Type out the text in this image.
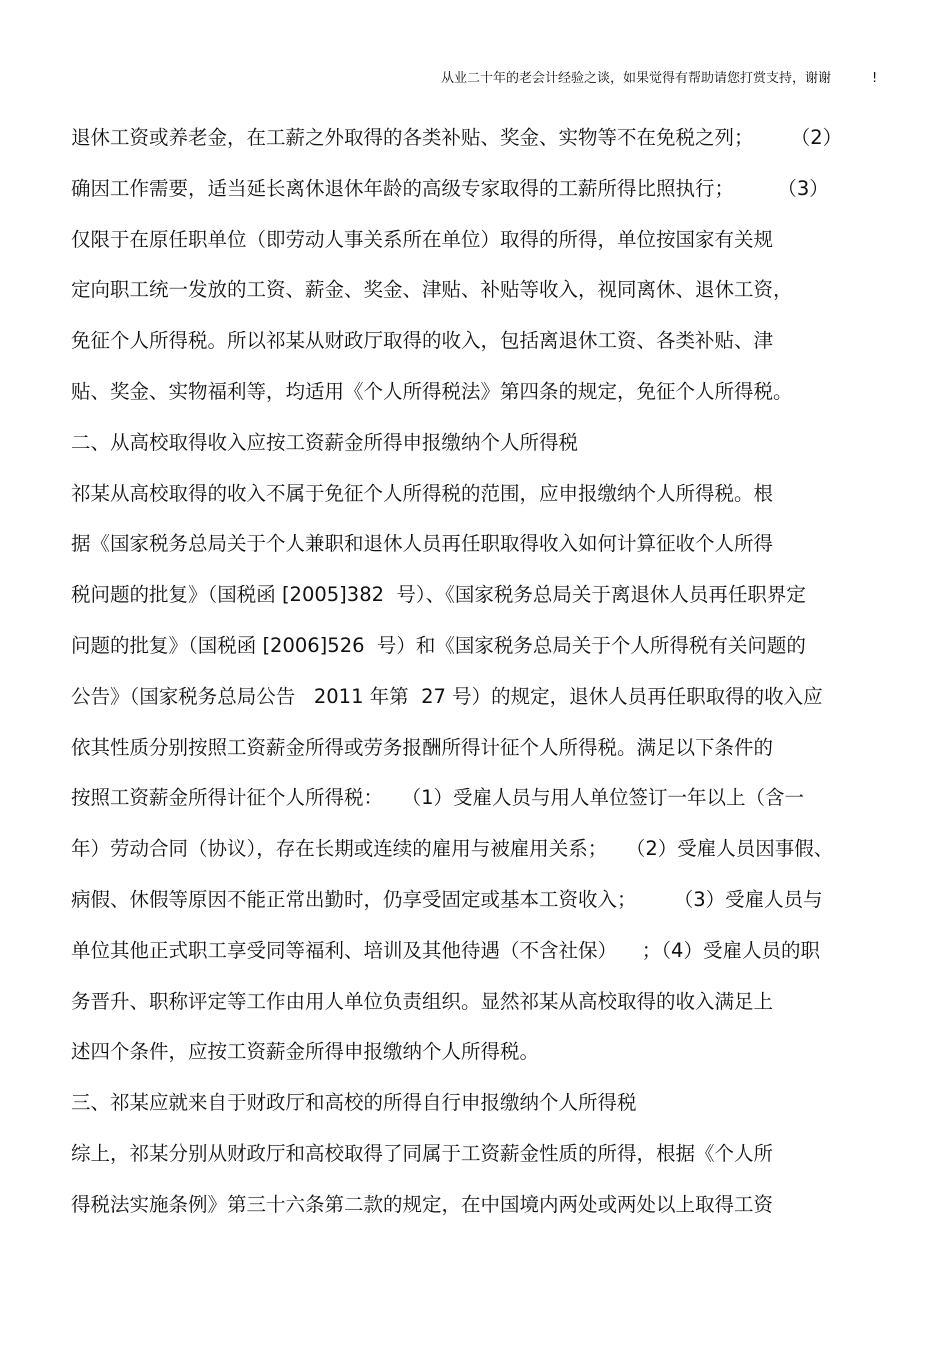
从业二十年的老会计经验之谈，如果觉得有帮助请您打赏支持，谢谢	!
退休工资或养老金，在工薪之外取得的各类补贴、奖金、实物等不在免税之列；      （2）
确因工作需要，适当延长离休退休年龄的高级专家取得的工薪所得比照执行；       （3）
仅限于在原任职单位（即劳动人事关系所在单位）取得的所得，单位按国家有关规
定向职工统一发放的工资、薪金、奖金、津贴、补贴等收入，视同离休、退休工资，
免征个人所得税。所以祁某从财政厅取得的收入，包括离退休工资、各类补贴、津
贴、奖金、实物福利等，均适用《个人所得税法》第四条的规定，免征个人所得税。
二、从高校取得收入应按工资薪金所得申报缴纳个人所得税
祁某从高校取得的收入不属于免征个人所得税的范围，应申报缴纳个人所得税。根
据《国家税务总局关于个人兼职和退休人员再任职取得收入如何计算征收个人所得
税问题的批复》（国税函 [2005]382  号）、《国家税务总局关于离退休人员再任职界定
问题的批复》（国税函 [2006]526  号）和《国家税务总局关于个人所得税有关问题的
公告》（国家税务总局公告   2011 年第  27 号）的规定，退休人员再任职取得的收入应
依其性质分别按照工资薪金所得或劳务报酬所得计征个人所得税。满足以下条件的
按照工资薪金所得计征个人所得税：   （1）受雇人员与用人单位签订一年以上（含一
年）劳动合同（协议），存在长期或连续的雇用与被雇用关系；   （2）受雇人员因事假、
病假、休假等原因不能正常出勤时，仍享受固定或基本工资收入；      （3）受雇人员与
单位其他正式职工享受同等福利、培训及其他待遇（不含社保）    ；（4）受雇人员的职
务晋升、职称评定等工作由用人单位负责组织。显然祁某从高校取得的收入满足上
述四个条件，应按工资薪金所得申报缴纳个人所得税。
三、祁某应就来自于财政厅和高校的所得自行申报缴纳个人所得税
综上，祁某分别从财政厅和高校取得了同属于工资薪金性质的所得，根据《个人所
得税法实施条例》第三十六条第二款的规定，在中国境内两处或两处以上取得工资
